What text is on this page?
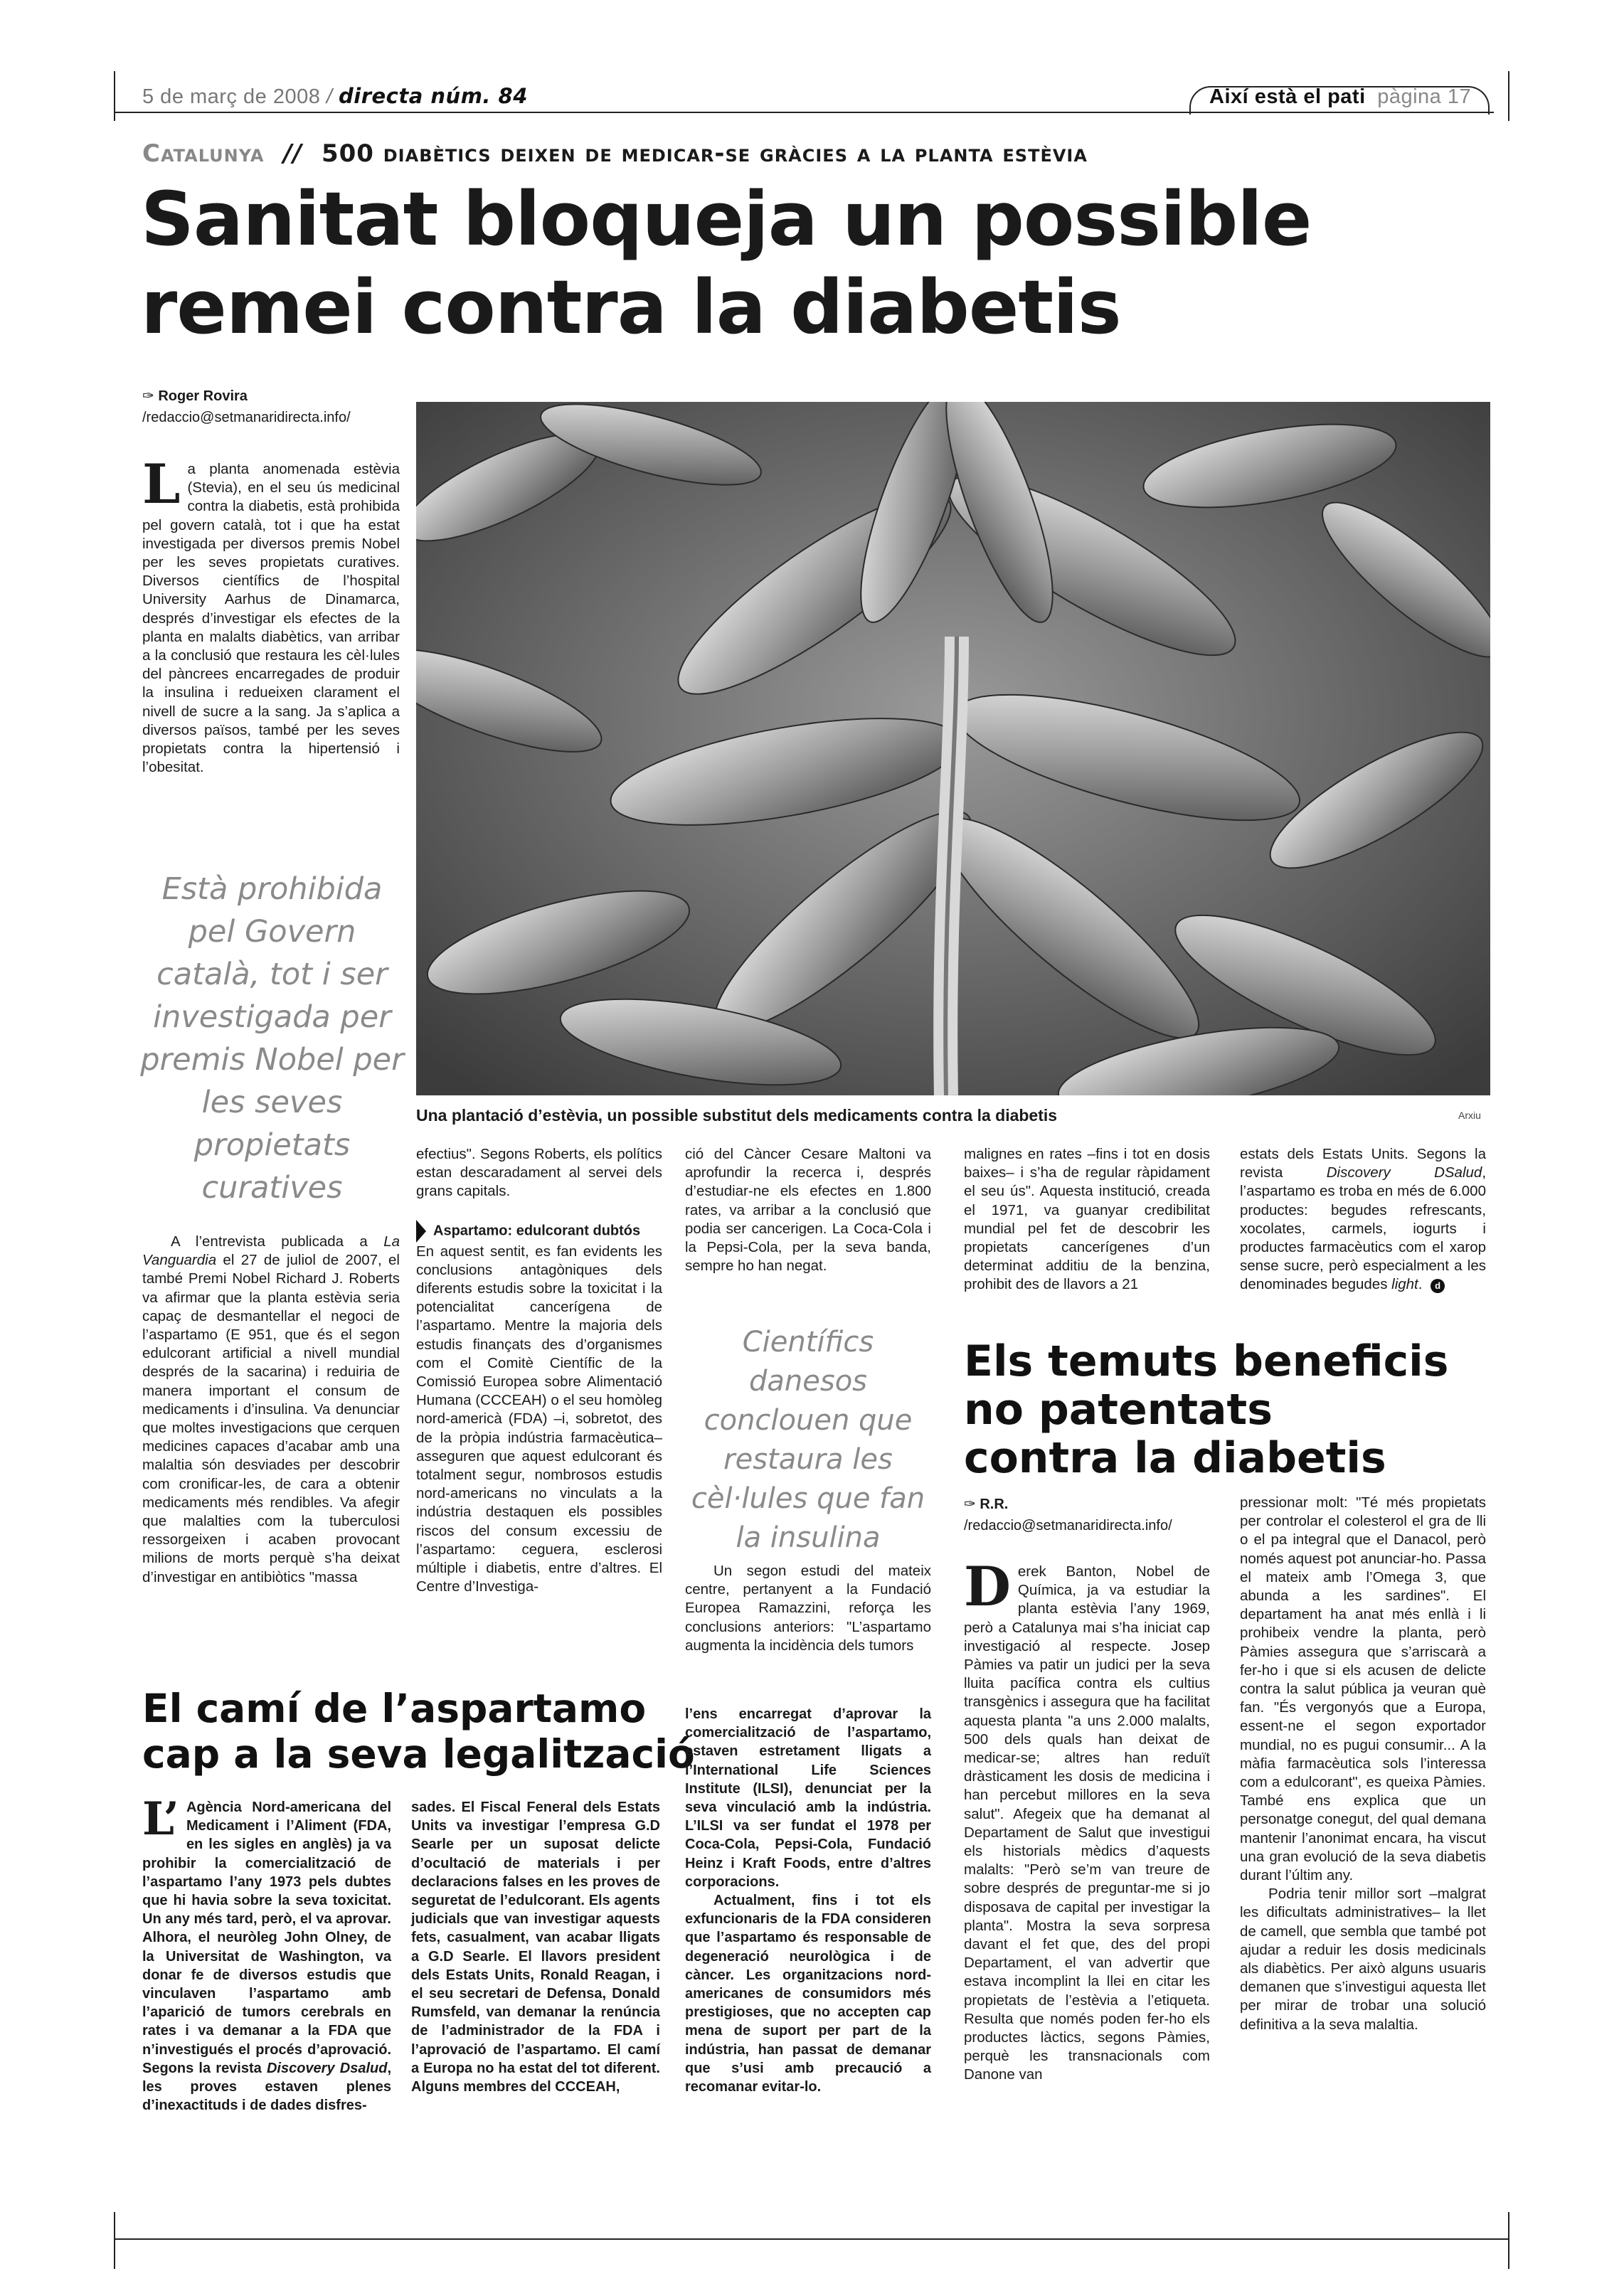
5 de març de 2008 / directa núm. 84	Així està el pati pàgina 17
Catalunya // 500 diabètics deixen de medicar-se gràcies a la planta estèvia
Sanitat bloqueja un possible
remei contra la diabetis
✑ Roger Rovira
/redaccio@setmanaridirecta.info/
Una plantació d’estèvia, un possible substitut dels medicaments contra la diabetis	Arxiu
La planta anomenada estèvia (Stevia), en el seu ús medicinal contra la diabetis, està prohibida pel govern català, tot i que ha estat investigada per diversos premis Nobel per les seves propietats curatives. Diversos científics de l’hospital University Aarhus de Dinamarca, després d’investigar els efectes de la planta en malalts diabètics, van arribar a la conclusió que restaura les cèl·lules del pàncrees encarregades de produir la insulina i redueixen clarament el nivell de sucre a la sang. Ja s’aplica a diversos països, també per les seves propietats contra la hipertensió i l’obesitat.
Està prohibida pel Govern català, tot i ser investigada per premis Nobel per les seves propietats curatives

A l’entrevista publicada a La Vanguardia el 27 de juliol de 2007, el també Premi Nobel Richard J. Roberts va afirmar que la planta estèvia seria capaç de desmantellar el negoci de l’aspartamo (E 951, que és el segon edulcorant artificial a nivell mundial després de la sacarina) i reduiria de manera important el consum de medicaments i d’insulina. Va denunciar que moltes investigacions que cerquen medicines capaces d’acabar amb una malaltia són desviades per descobrir com cronificar-les, de cara a obtenir medicaments més rendibles. Va afegir que malalties com la tuberculosi ressorgeixen i acaben provocant milions de morts perquè s’ha deixat d’investigar en antibiòtics "massa

efectius". Segons Roberts, els polítics estan descaradament al servei dels grans capitals.

Aspartamo: edulcorant dubtós

En aquest sentit, es fan evidents les conclusions antagòniques dels diferents estudis sobre la toxicitat i la potencialitat cancerígena de l’aspartamo. Mentre la majoria dels estudis finançats des d’organismes com el Comitè Científic de la Comissió Europea sobre Alimentació Humana (CCCEAH) o el seu homòleg nord-americà (FDA) –i, sobretot, des de la pròpia indústria farmacèutica– asseguren que aquest edulcorant és totalment segur, nombrosos estudis nord-americans no vinculats a la indústria destaquen els possibles riscos del consum excessiu de l’aspartamo: ceguera, esclerosi múltiple i diabetis, entre d’altres. El Centre d’Investiga-

ció del Càncer Cesare Maltoni va aprofundir la recerca i, després d’estudiar-ne els efectes en 1.800 rates, va arribar a la conclusió que podia ser cancerigen. La Coca-Cola i la Pepsi-Cola, per la seva banda, sempre ho han negat.

Científics danesos conclouen que restaura les cèl·lules que fan la insulina

Un segon estudi del mateix centre, pertanyent a la Fundació Europea Ramazzini, reforça les conclusions anteriors: "L’aspartamo augmenta la incidència dels tumors

malignes en rates –fins i tot en dosis baixes– i s’ha de regular ràpidament el seu ús". Aquesta institució, creada el 1971, va guanyar credibilitat mundial pel fet de descobrir les propietats cancerígenes d’un determinat additiu de la benzina, prohibit des de llavors a 21

estats dels Estats Units. Segons la revista Discovery DSalud, l’aspartamo es troba en més de 6.000 productes: begudes refrescants, xocolates, carmels, iogurts i productes farmacèutics com el xarop sense sucre, però especialment a les denominades begudes light. d

Els temuts beneficis
no patentats
contra la diabetis
✑ R.R.
/redaccio@setmanaridirecta.info/
Derek Banton, Nobel de Química, ja va estudiar la planta estèvia l’any 1969, però a Catalunya mai s’ha iniciat cap investigació al respecte. Josep Pàmies va patir un judici per la seva lluita pacífica contra els cultius transgènics i assegura que ha facilitat aquesta planta "a uns 2.000 malalts, 500 dels quals han deixat de medicar-se; altres han reduït dràsticament les dosis de medicina i han percebut millores en la seva salut". Afegeix que ha demanat al Departament de Salut que investigui els historials mèdics d’aquests malalts: "Però se’m van treure de sobre després de preguntar-me si jo disposava de capital per investigar la planta". Mostra la seva sorpresa davant el fet que, des del propi Departament, el van advertir que estava incomplint la llei en citar les propietats de l’estèvia a l’etiqueta. Resulta que només poden fer-ho els productes làctics, segons Pàmies, perquè les transnacionals com Danone van

pressionar molt: "Té més propietats per controlar el colesterol el gra de lli o el pa integral que el Danacol, però només aquest pot anunciar-ho. Passa el mateix amb l’Omega 3, que abunda a les sardines". El departament ha anat més enllà i li prohibeix vendre la planta, però Pàmies assegura que s’arriscarà a fer-ho i que si els acusen de delicte contra la salut pública ja veuran què fan. "És vergonyós que a Europa, essent-ne el segon exportador mundial, no es pugui consumir... A la màfia farmacèutica sols l’interessa com a edulcorant", es queixa Pàmies. També ens explica que un personatge conegut, del qual demana mantenir l’anonimat encara, ha viscut una gran evolució de la seva diabetis durant l’últim any.

Podria tenir millor sort –malgrat les dificultats administratives– la llet de camell, que sembla que també pot ajudar a reduir les dosis medicinals als diabètics. Per això alguns usuaris demanen que s’investigui aquesta llet per mirar de trobar una solució definitiva a la seva malaltia.

El camí de l’aspartamo
cap a la seva legalització
L’ Agència Nord-americana del Medicament i l’Aliment (FDA, en les sigles en anglès) ja va prohibir la comercialització de l’aspartamo l’any 1973 pels dubtes que hi havia sobre la seva toxicitat. Un any més tard, però, el va aprovar. Alhora, el neuròleg John Olney, de la Universitat de Washington, va donar fe de diversos estudis que vinculaven l’aspartamo amb l’aparició de tumors cerebrals en rates i va demanar a la FDA que n’investigués el procés d’aprovació. Segons la revista Discovery Dsalud, les proves estaven plenes d’inexactituds i de dades disfres-

sades. El Fiscal Feneral dels Estats Units va investigar l’empresa G.D Searle per un suposat delicte d’ocultació de materials i per declaracions falses en les proves de seguretat de l’edulcorant. Els agents judicials que van investigar aquests fets, casualment, van acabar lligats a G.D Searle. El llavors president dels Estats Units, Ronald Reagan, i el seu secretari de Defensa, Donald Rumsfeld, van demanar la renúncia de l’administrador de la FDA i l’aprovació de l’aspartamo. El camí a Europa no ha estat del tot diferent. Alguns membres del CCCEAH,

l’ens encarregat d’aprovar la comercialització de l’aspartamo, estaven estretament lligats a l’International Life Sciences Institute (ILSI), denunciat per la seva vinculació amb la indústria. L’ILSI va ser fundat el 1978 per Coca-Cola, Pepsi-Cola, Fundació Heinz i Kraft Foods, entre d’altres corporacions.

Actualment, fins i tot els exfuncionaris de la FDA consideren que l’aspartamo és responsable de degeneració neurològica i de càncer. Les organitzacions nord-americanes de consumidors més prestigioses, que no accepten cap mena de suport per part de la indústria, han passat de demanar que s’usi amb precaució a recomanar evitar-lo.
